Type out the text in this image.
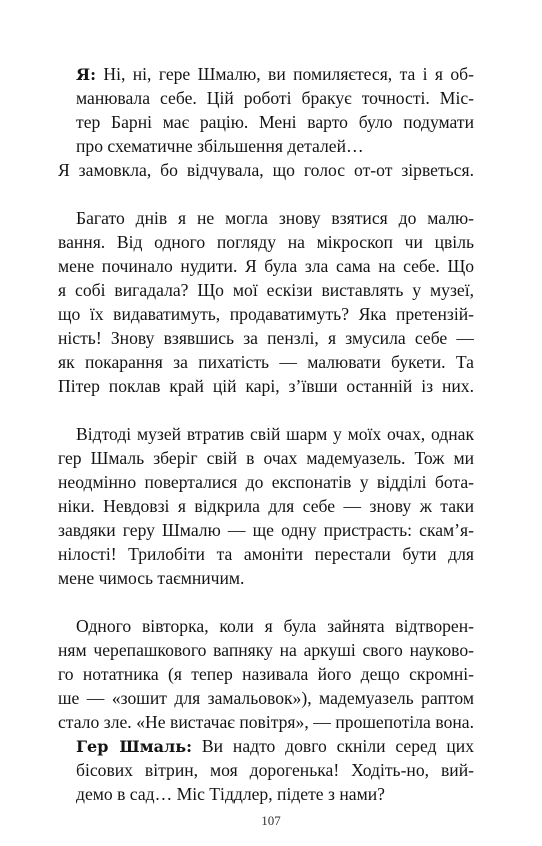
Я: Ні, ні, гере Шмалю, ви помиляєтеся, та і я об-
манювала себе. Цій роботі бракує точності. Міс-
тер Барні має рацію. Мені варто було подумати
про схематичне збільшення деталей…
Я замовкла, бо відчувала, що голос от-от зірветься.
Багато днів я не могла знову взятися до малю-
вання. Від одного погляду на мікроскоп чи цвіль
мене починало нудити. Я була зла сама на себе. Що
я собі вигадала? Що мої ескізи виставлять у музеї,
що їх видаватимуть, продаватимуть? Яка претензій-
ність! Знову взявшись за пензлі, я змусила себе —
як покарання за пихатість — малювати букети. Та
Пітер поклав край цій карі, з’ївши останній із них.
Відтоді музей втратив свій шарм у моїх очах, однак
гер Шмаль зберіг свій в очах мадемуазель. Тож ми
неодмінно поверталися до експонатів у відділі бота-
ніки. Невдовзі я відкрила для себе — знову ж таки
завдяки геру Шмалю — ще одну пристрасть: скам’я-
нілості! Трилобіти та амоніти перестали бути для
мене чимось таємничим.
Одного вівторка, коли я була зайнята відтворен-
ням черепашкового вапняку на аркуші свого науково-
го нотатника (я тепер називала його дещо скромні-
ше — «зошит для замальовок»), мадемуазель раптом
стало зле. «Не вистачає повітря», — прошепотіла вона.
Гер Шмаль: Ви надто довго скніли серед цих
бісових вітрин, моя дорогенька! Ходіть-но, вий-
демо в сад… Міс Тіддлер, підете з нами?
107
